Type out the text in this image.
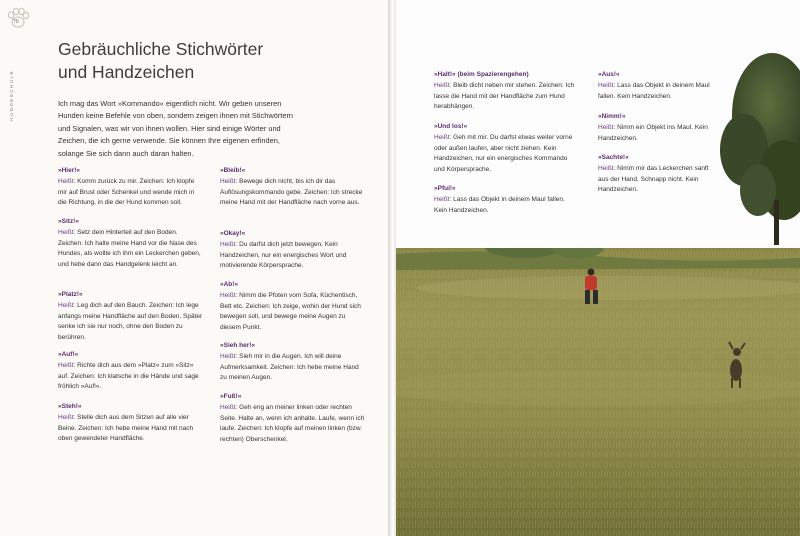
70
HUNDESCHULE
Gebräuchliche Stichwörter
und Handzeichen

Ich mag das Wort »Kommando« eigentlich nicht. Wir geben unseren Hunden keine Befehle von oben, sondern zeigen ihnen mit Stichwörtern und Signalen, was wir von ihnen wollen. Hier sind einige Wörter und Zeichen, die ich gerne verwende. Sie können Ihre eigenen erfinden, solange Sie sich dann auch daran halten.

»Hier!«
Heißt: Komm zurück zu mir. Zeichen: Ich klopfe mir auf Brust oder Schenkel und wende mich in die Richtung, in die der Hund kommen soll.
»Sitz!«
Heißt: Setz dein Hinterteil auf den Boden. Zeichen: Ich halte meine Hand vor die Nase des Hundes, als wollte ich ihm ein Leckerchen geben, und hebe dann das Handgelenk leicht an.
»Platz!«
Heißt: Leg dich auf den Bauch. Zeichen: Ich lege anfangs meine Handfläche auf den Boden. Später senke ich sie nur noch, ohne den Boden zu berühren.
»Auf!«
Heißt: Richte dich aus dem »Platz« zum »Sitz« auf. Zeichen: Ich klatsche in die Hände und sage fröhlich »Auf!«.
»Steh!«
Heißt: Stelle dich aus dem Sitzen auf alle vier Beine. Zeichen: Ich hebe meine Hand mit nach oben gewendeter Handfläche.
»Bleib!«
Heißt: Bewege dich nicht, bis ich dir das Auflösungskommando gebe. Zeichen: Ich strecke meine Hand mit der Handfläche nach vorne aus.
»Okay!«
Heißt: Du darfst dich jetzt bewegen. Kein Handzeichen, nur ein energisches Wort und motivierende Körpersprache.
»Ab!«
Heißt: Nimm die Pfoten vom Sofa, Küchentisch, Bett etc. Zeichen: Ich zeige, wohin der Hund sich bewegen soll, und bewege meine Augen zu diesem Punkt.
»Sieh her!«
Heißt: Sieh mir in die Augen. Ich will deine Aufmerksamkeit. Zeichen: Ich hebe meine Hand zu meinen Augen.
»Fuß!«
Heißt: Geh eng an meiner linken oder rechten Seite. Halte an, wenn ich anhalte. Laufe, wenn ich laufe. Zeichen: Ich klopfe auf meinen linken (bzw. rechten) Oberschenkel.
»Halt!« (beim Spazierengehen)
Heißt: Bleib dicht neben mir stehen. Zeichen: Ich lasse die Hand mit der Handfläche zum Hund herabhängen.
»Und los!«
Heißt: Geh mit mir. Du darfst etwas weiter vorne oder außen laufen, aber nicht ziehen. Kein Handzeichen, nur ein energisches Kommando und Körpersprache.
»Pfui!«
Heißt: Lass das Objekt in deinem Maul fallen. Kein Handzeichen.
»Aus!«
Heißt: Lass das Objekt in deinem Maul fallen. Kein Handzeichen.
»Nimm!«
Heißt: Nimm ein Objekt ins Maul. Kein Handzeichen.
»Sachte!«
Heißt: Nimm mir das Leckerchen sanft aus der Hand. Schnapp nicht. Kein Handzeichen.
